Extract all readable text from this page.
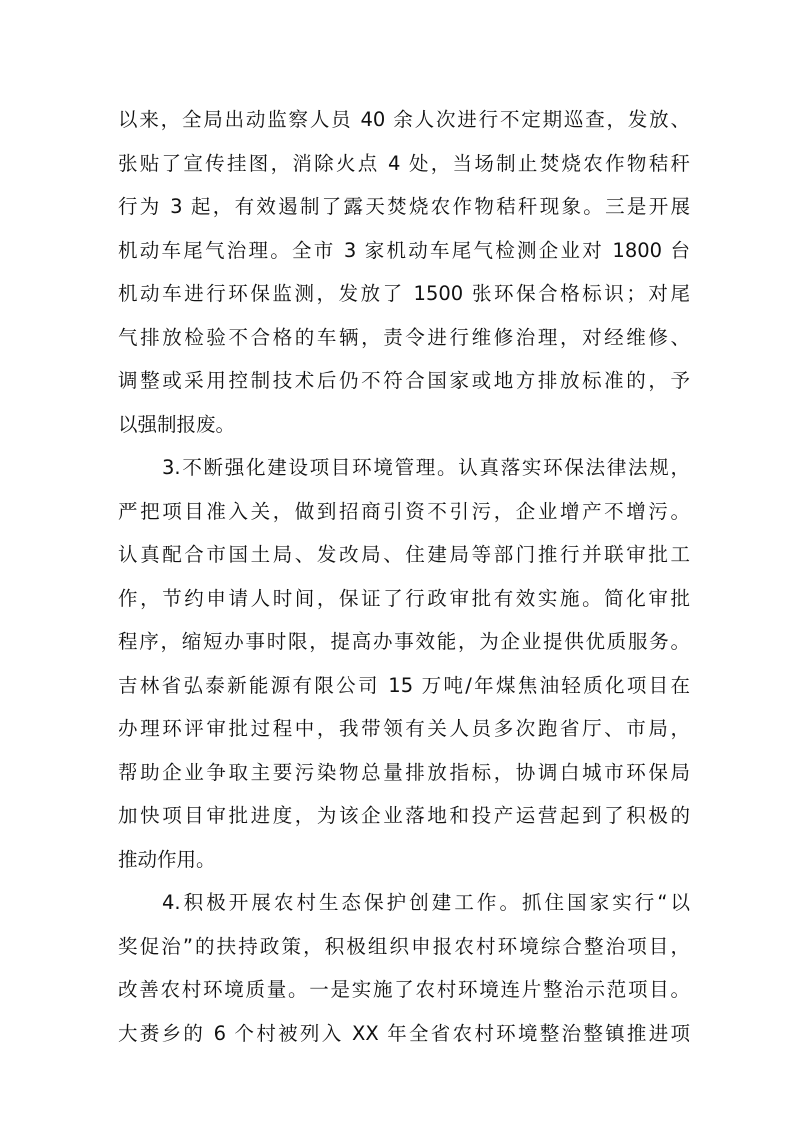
以来，全局出动监察人员 40 余人次进行不定期巡查，发放、
张贴了宣传挂图，消除火点 4 处，当场制止焚烧农作物秸秆
行为 3 起，有效遏制了露天焚烧农作物秸秆现象。三是开展
机动车尾气治理。全市 3 家机动车尾气检测企业对 1800 台
机动车进行环保监测，发放了 1500 张环保合格标识；对尾
气排放检验不合格的车辆，责令进行维修治理，对经维修、
调整或采用控制技术后仍不符合国家或地方排放标准的，予
以强制报废。
3.不断强化建设项目环境管理。认真落实环保法律法规，
严把项目准入关，做到招商引资不引污，企业增产不增污。
认真配合市国土局、发改局、住建局等部门推行并联审批工
作，节约申请人时间，保证了行政审批有效实施。简化审批
程序，缩短办事时限，提高办事效能，为企业提供优质服务。
吉林省弘泰新能源有限公司 15 万吨/年煤焦油轻质化项目在
办理环评审批过程中，我带领有关人员多次跑省厅、市局，
帮助企业争取主要污染物总量排放指标，协调白城市环保局
加快项目审批进度，为该企业落地和投产运营起到了积极的
推动作用。
4.积极开展农村生态保护创建工作。抓住国家实行“以
奖促治”的扶持政策，积极组织申报农村环境综合整治项目，
改善农村环境质量。一是实施了农村环境连片整治示范项目。
大赉乡的 6 个村被列入 XX 年全省农村环境整治整镇推进项
